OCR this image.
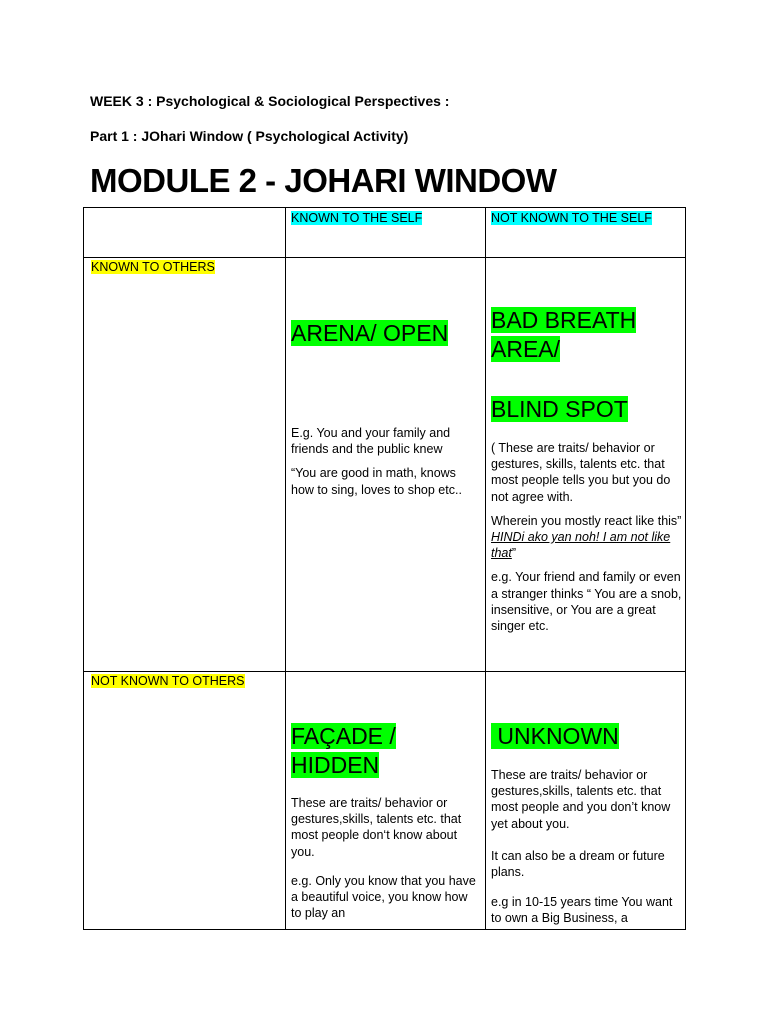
WEEK 3 : Psychological & Sociological Perspectives :
Part 1 : JOhari Window ( Psychological Activity)
MODULE 2 - JOHARI WINDOW
KNOWN TO THE SELF	NOT KNOWN TO THE SELF
KNOWN TO OTHERS
ARENA/ OPEN

E.g. You and your family and friends and the public knew

“You are good in math, knows how to sing, loves to shop etc..

BAD BREATH
AREA/
BLIND SPOT

( These are traits/ behavior or gestures, skills, talents etc. that most people tells you but you do not agree with.

Wherein you mostly react like this” HINDi ako yan noh! I am not like that”

e.g. Your friend and family or even a stranger thinks “ You are a snob, insensitive, or You are a great singer etc.

NOT KNOWN TO OTHERS
FAÇADE /
HIDDEN

These are traits/ behavior or gestures,skills, talents etc. that most people don‘t know about you.

e.g. Only you know that you have a beautiful voice, you know how to play an

UNKNOWN

These are traits/ behavior or gestures,skills, talents etc. that most people and you don’t know yet about you.

It can also be a dream or future plans.

e.g in 10-15 years time You want to own a Big Business, a
